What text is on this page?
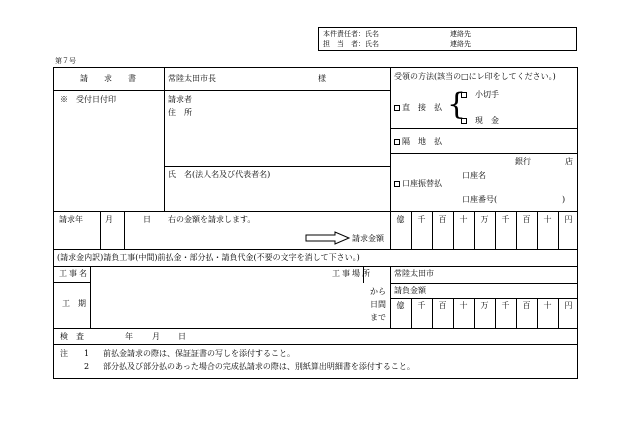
本件責任者：氏名	連絡先
担　当　者：氏名	連絡先
第７号
請　　求　　書	常陸太田市長	様
※　受付日付印	請求者
住　所
氏　名(法人名及び代表者名)
受領の方法(該当の□にレ印をしてください。)
直　接　払 {	小切手
現　金
隔　地　払
銀行	店
口座振替払
口座名
口座番号(	)
請求年	月	日 右の金額を請求します。
請求金額
億	千	百	十	万	千	百	十	円
(請求金内訳)請負工事(中間)前払金・部分払・請負代金(不要の文字を消して下さい。)
工事名	工事場所	常陸太田市
工　期
から
日間
まで
請負金額
億	千	百	十	万	千	百	十	円
検　査	年 月 日
注 1 前払金請求の際は、保証証書の写しを添付すること。
2 部分払及び部分払のあった場合の完成払請求の際は、別紙算出明細書を添付すること。
